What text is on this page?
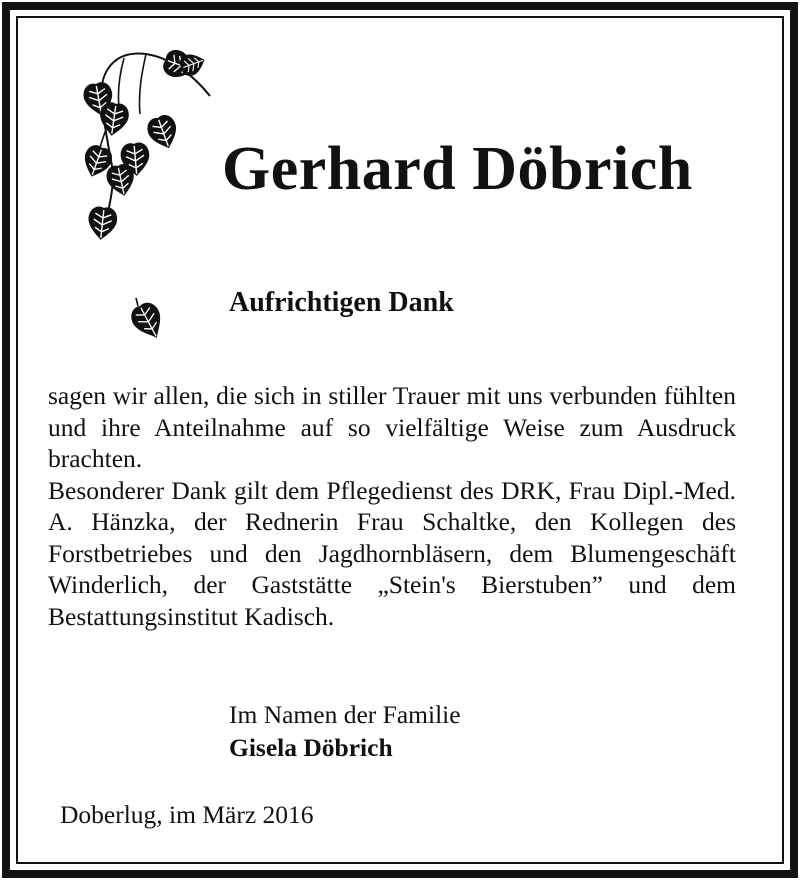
Gerhard Döbrich
Aufrichtigen Dank
sagen wir allen, die sich in stiller Trauer mit uns verbunden fühlten und ihre Anteilnahme auf so vielfältige Weise zum Ausdruck brachten.
Besonderer Dank gilt dem Pflegedienst des DRK, Frau Dipl.-Med. A. Hänzka, der Rednerin Frau Schaltke, den Kollegen des Forstbetriebes und den Jagdhornbläsern, dem Blumengeschäft Winderlich, der Gaststätte „Stein's Bierstuben” und dem Bestattungsinstitut Kadisch.
Im Namen der Familie
Gisela Döbrich

Doberlug, im März 2016
